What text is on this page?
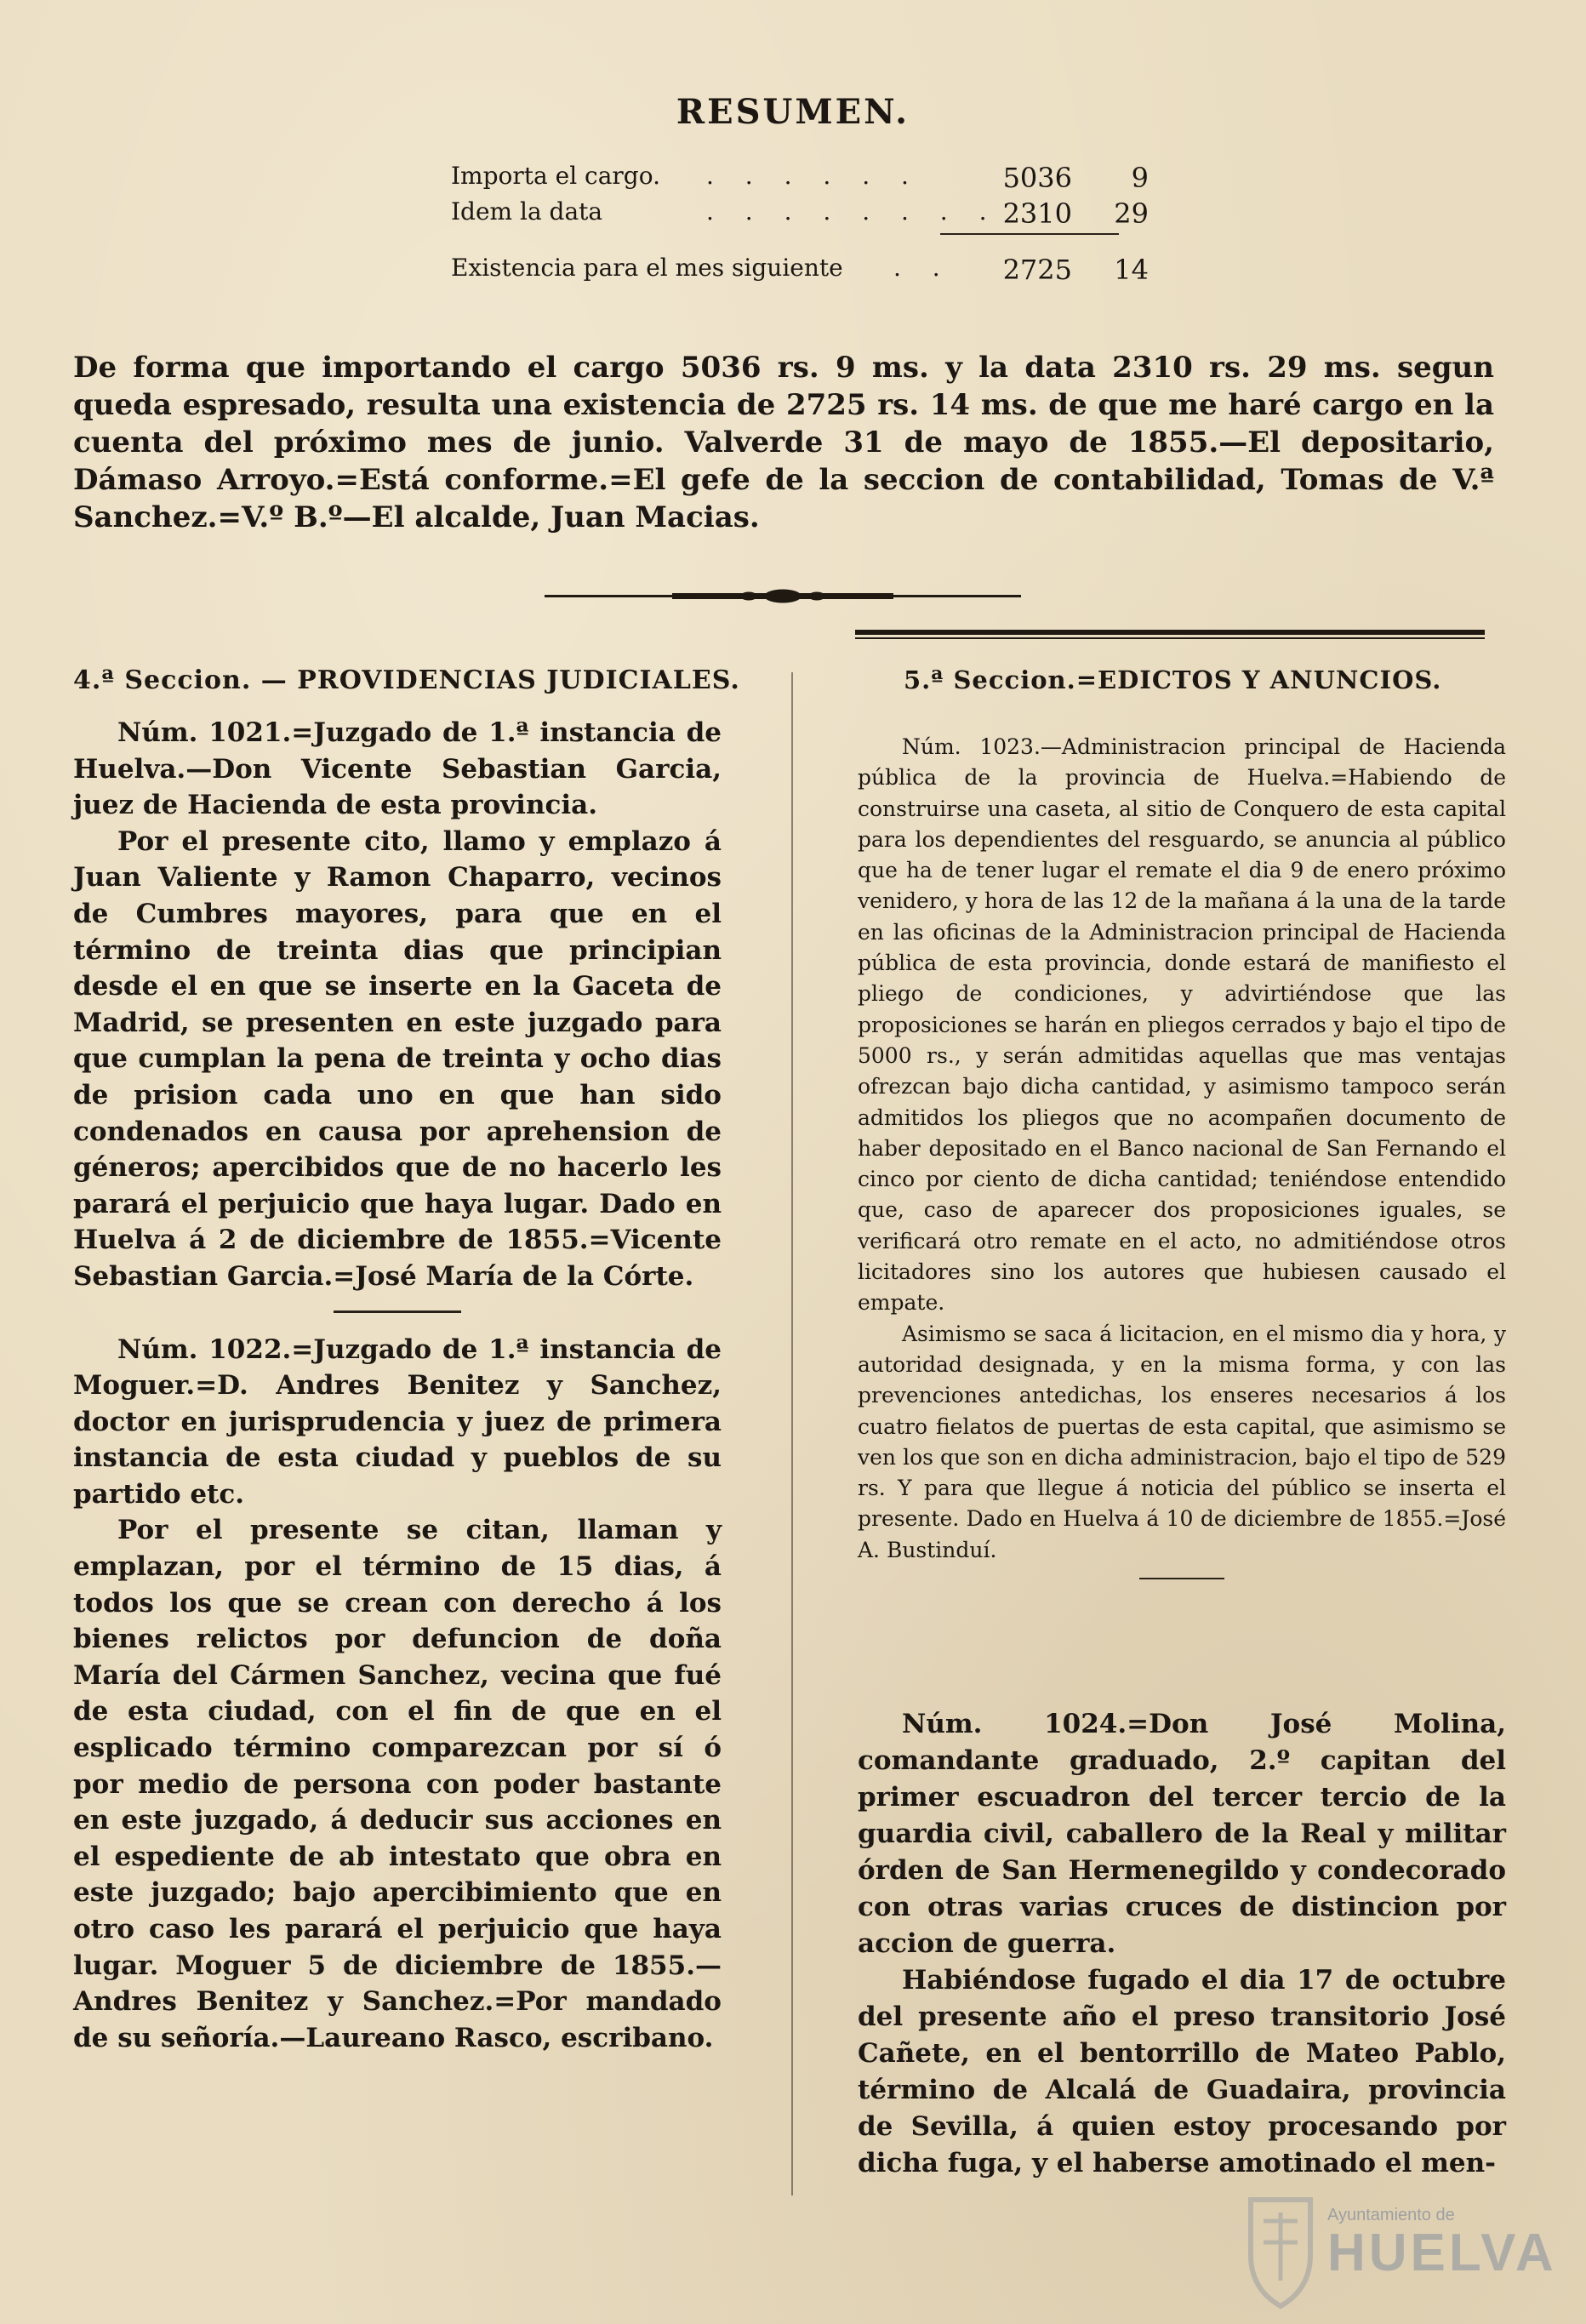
RESUMEN.
Importa el cargo. . . . . . .	5036	9
Idem la data	. . . . . . . . 2310	29
Existencia para el mes siguiente . .	2725	14
De forma que importando el cargo 5036 rs. 9 ms. y la data 2310 rs. 29 ms. segun queda espresado, resulta una existencia de 2725 rs. 14 ms. de que me haré cargo en la cuenta del próximo mes de junio. Valverde 31 de mayo de 1855.—El depositario, Dámaso Arroyo.=Está conforme.=El gefe de la seccion de contabilidad, Tomas de V.ª Sanchez.=V.º B.º—El alcalde, Juan Macias.
4.ª Seccion. — PROVIDENCIAS JUDICIALES.

Núm. 1021.=Juzgado de 1.ª instancia de Huelva.—Don Vicente Sebastian Garcia, juez de Hacienda de esta provincia.

Por el presente cito, llamo y emplazo á Juan Valiente y Ramon Chaparro, vecinos de Cumbres mayores, para que en el término de treinta dias que principian desde el en que se inserte en la Gaceta de Madrid, se presenten en este juzgado para que cumplan la pena de treinta y ocho dias de prision cada uno en que han sido condenados en causa por aprehension de géneros; apercibidos que de no hacerlo les parará el perjuicio que haya lugar. Dado en Huelva á 2 de diciembre de 1855.=Vicente Sebastian Garcia.=José María de la Córte.

Núm. 1022.=Juzgado de 1.ª instancia de Moguer.=D. Andres Benitez y Sanchez, doctor en jurisprudencia y juez de primera instancia de esta ciudad y pueblos de su partido etc.

Por el presente se citan, llaman y emplazan, por el término de 15 dias, á todos los que se crean con derecho á los bienes relictos por defuncion de doña María del Cármen Sanchez, vecina que fué de esta ciudad, con el fin de que en el esplicado término comparezcan por sí ó por medio de persona con poder bastante en este juzgado, á deducir sus acciones en el espediente de ab intestato que obra en este juzgado; bajo apercibimiento que en otro caso les parará el perjuicio que haya lugar. Moguer 5 de diciembre de 1855.—Andres Benitez y Sanchez.=Por mandado de su señoría.—Laureano Rasco, escribano.

5.ª Seccion.=EDICTOS Y ANUNCIOS.

Núm. 1023.—Administracion principal de Hacienda pública de la provincia de Huelva.=Habiendo de construirse una caseta, al sitio de Conquero de esta capital para los dependientes del resguardo, se anuncia al público que ha de tener lugar el remate el dia 9 de enero próximo venidero, y hora de las 12 de la mañana á la una de la tarde en las oficinas de la Administracion principal de Hacienda pública de esta provincia, donde estará de manifiesto el pliego de condiciones, y advirtiéndose que las proposiciones se harán en pliegos cerrados y bajo el tipo de 5000 rs., y serán admitidas aquellas que mas ventajas ofrezcan bajo dicha cantidad, y asimismo tampoco serán admitidos los pliegos que no acompañen documento de haber depositado en el Banco nacional de San Fernando el cinco por ciento de dicha cantidad; teniéndose entendido que, caso de aparecer dos proposiciones iguales, se verificará otro remate en el acto, no admitiéndose otros licitadores sino los autores que hubiesen causado el empate.

Asimismo se saca á licitacion, en el mismo dia y hora, y autoridad designada, y en la misma forma, y con las prevenciones antedichas, los enseres necesarios á los cuatro fielatos de puertas de esta capital, que asimismo se ven los que son en dicha administracion, bajo el tipo de 529 rs. Y para que llegue á noticia del público se inserta el presente. Dado en Huelva á 10 de diciembre de 1855.=José A. Bustinduí.

Núm. 1024.=Don José Molina, comandante graduado, 2.º capitan del primer escuadron del tercer tercio de la guardia civil, caballero de la Real y militar órden de San Hermenegildo y condecorado con otras varias cruces de distincion por accion de guerra.

Habiéndose fugado el dia 17 de octubre del presente año el preso transitorio José Cañete, en el bentorrillo de Mateo Pablo, término de Alcalá de Guadaira, provincia de Sevilla, á quien estoy procesando por dicha fuga, y el haberse amotinado el men-

Ayuntamiento de
HUELVA
